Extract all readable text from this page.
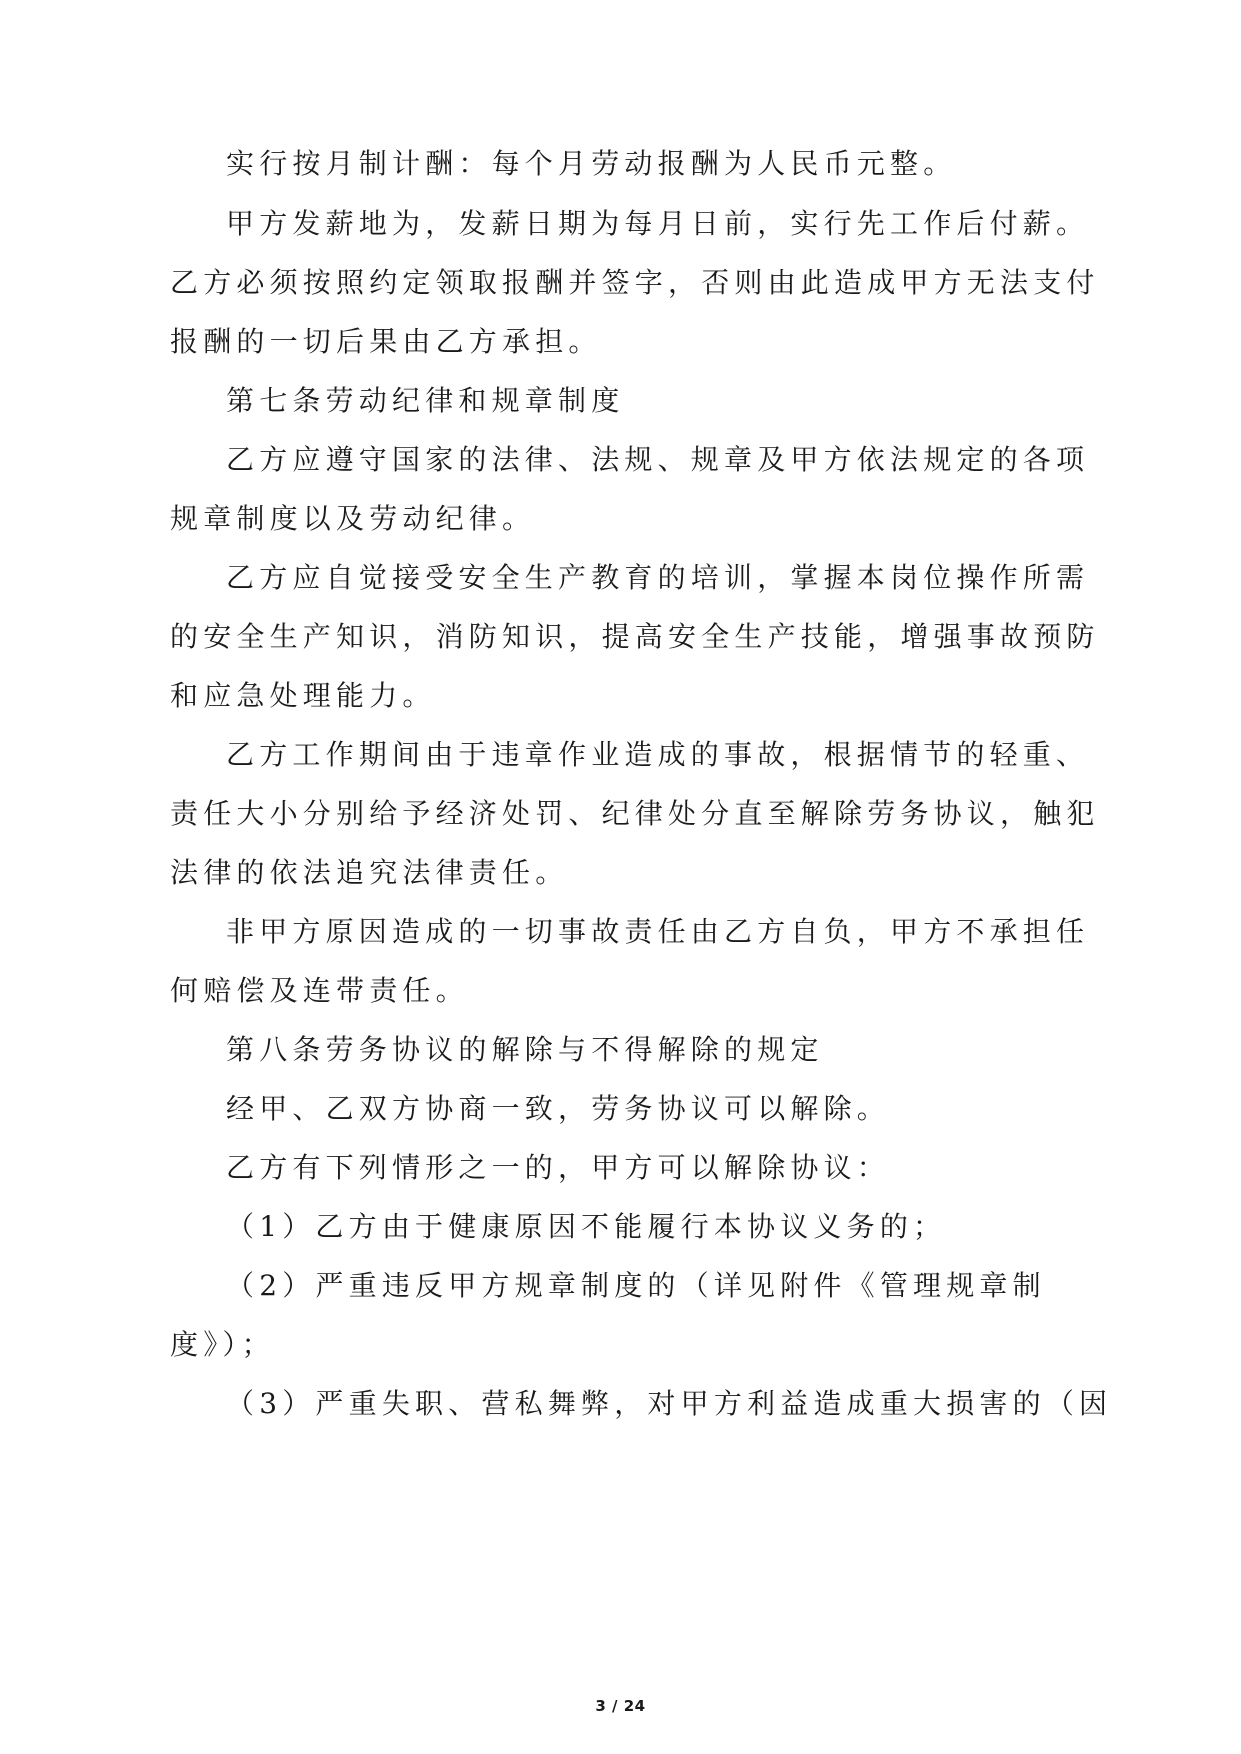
实行按月制计酬：每个月劳动报酬为人民币元整。
甲方发薪地为，发薪日期为每月日前，实行先工作后付薪。
乙方必须按照约定领取报酬并签字，否则由此造成甲方无法支付
报酬的一切后果由乙方承担。
第七条劳动纪律和规章制度
乙方应遵守国家的法律、法规、规章及甲方依法规定的各项
规章制度以及劳动纪律。
乙方应自觉接受安全生产教育的培训，掌握本岗位操作所需
的安全生产知识，消防知识，提高安全生产技能，增强事故预防
和应急处理能力。
乙方工作期间由于违章作业造成的事故，根据情节的轻重、
责任大小分别给予经济处罚、纪律处分直至解除劳务协议，触犯
法律的依法追究法律责任。
非甲方原因造成的一切事故责任由乙方自负，甲方不承担任
何赔偿及连带责任。
第八条劳务协议的解除与不得解除的规定
经甲、乙双方协商一致，劳务协议可以解除。
乙方有下列情形之一的，甲方可以解除协议：
（1）乙方由于健康原因不能履行本协议义务的；
（2）严重违反甲方规章制度的（详见附件《管理规章制
度》）；
（3）严重失职、营私舞弊，对甲方利益造成重大损害的（因
3 / 24
